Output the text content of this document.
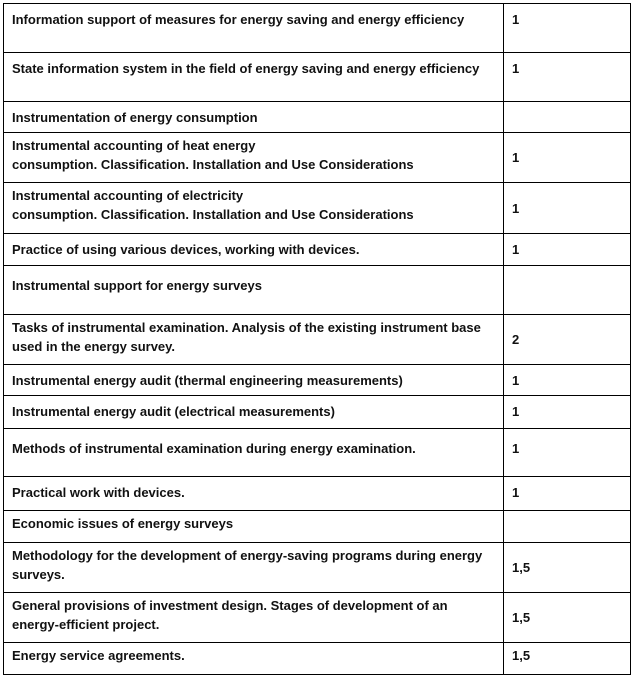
Information support of measures for energy saving and energy efficiency	1

State information system in the field of energy saving and energy efficiency	1

Instrumentation of energy consumption	

Instrumental accounting of heat energy
consumption. Classification. Installation and Use Considerations	1

Instrumental accounting of electricity
consumption. Classification. Installation and Use Considerations	1

Practice of using various devices, working with devices.	1

Instrumental support for energy surveys	

Tasks of instrumental examination. Analysis of the existing instrument base used in the energy survey.	2

Instrumental energy audit (thermal engineering measurements)	1

Instrumental energy audit (electrical measurements)	1

Methods of instrumental examination during energy examination.	1

Practical work with devices.	1

Economic issues of energy surveys	

Methodology for the development of energy-saving programs during energy surveys.	1,5

General provisions of investment design. Stages of development of an energy-efficient project.	1,5

Energy service agreements.	1,5
